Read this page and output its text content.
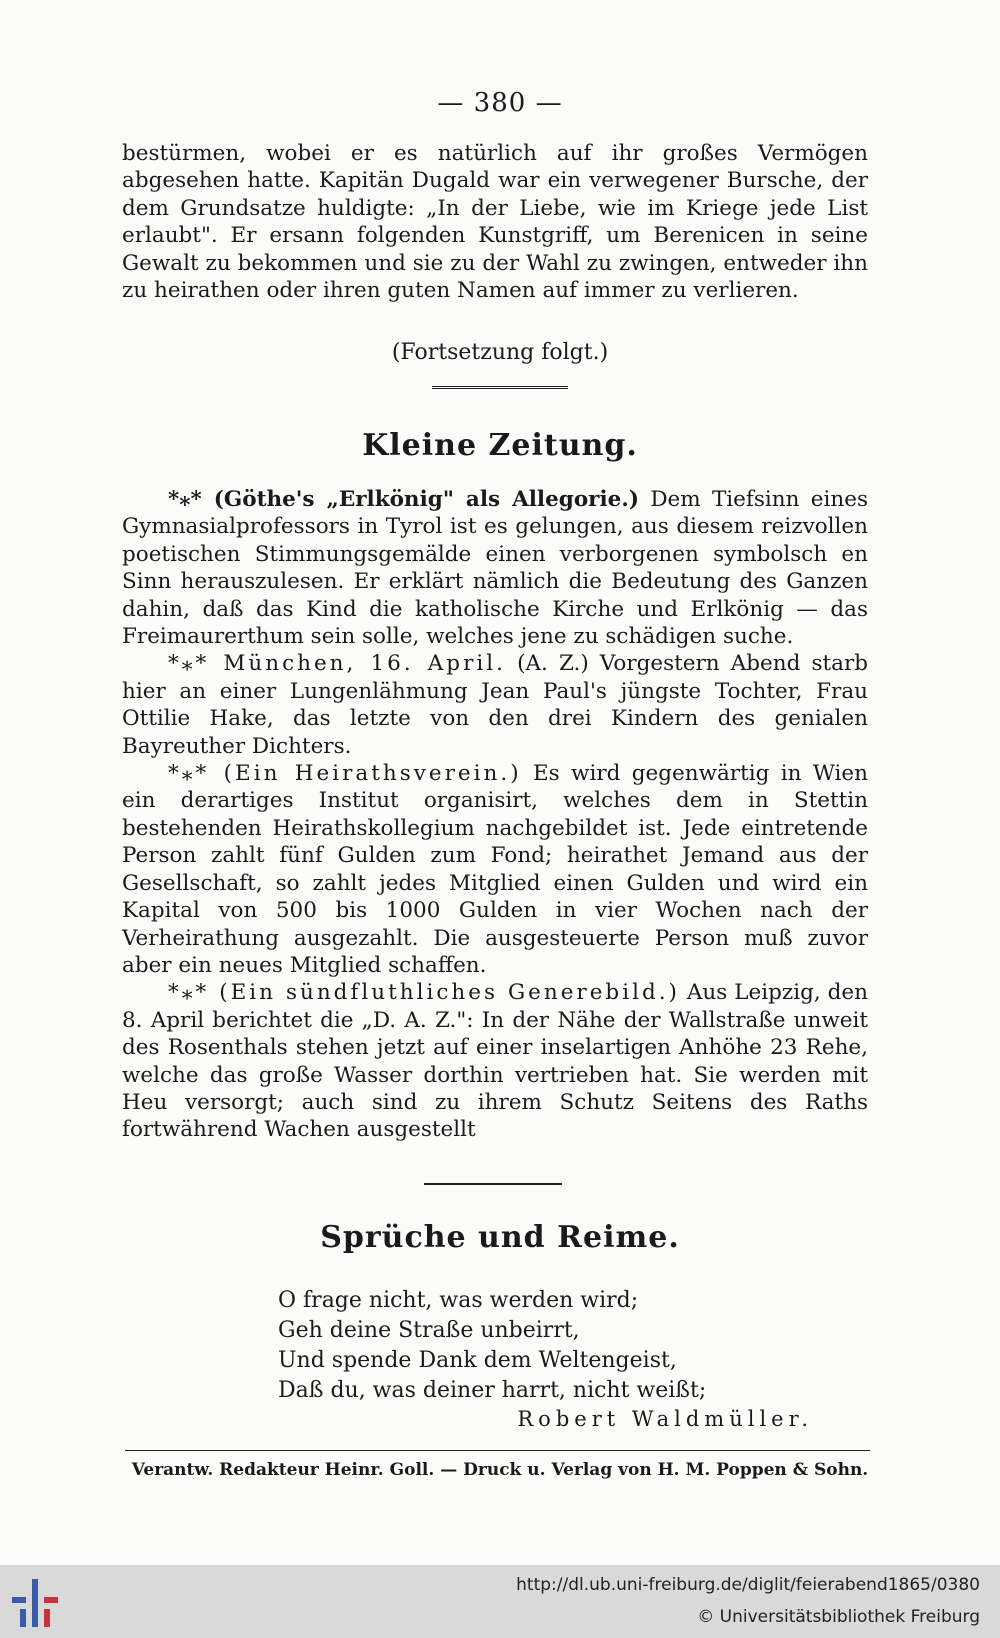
— 380 —

bestürmen, wobei er es natürlich auf ihr großes Vermögen abgesehen hatte. Kapitän Dugald war ein verwegener Bursche, der dem Grundsatze huldigte: „In der Liebe, wie im Kriege jede List erlaubt". Er ersann folgenden Kunstgriff, um Berenicen in seine Gewalt zu bekommen und sie zu der Wahl zu zwingen, entweder ihn zu heirathen oder ihren guten Namen auf immer zu verlieren.

(Fortsetzung folgt.)
Kleine Zeitung.

*⁎* (Göthe's „Erlkönig" als Allegorie.) Dem Tiefsinn eines Gymnasialprofessors in Tyrol ist es gelungen, aus diesem reizvollen poetischen Stimmungsgemälde einen verborgenen symbolsch en Sinn herauszulesen. Er erklärt nämlich die Bedeutung des Ganzen dahin, daß das Kind die katholische Kirche und Erlkönig — das Freimaurerthum sein solle, welches jene zu schädigen suche.

*⁎* München, 16. April. (A. Z.) Vorgestern Abend starb hier an einer Lungenlähmung Jean Paul's jüngste Tochter, Frau Ottilie Hake, das letzte von den drei Kindern des genialen Bayreuther Dichters.

*⁎* (Ein Heirathsverein.) Es wird gegenwärtig in Wien ein derartiges Institut organisirt, welches dem in Stettin bestehenden Heirathskollegium nachgebildet ist. Jede eintretende Person zahlt fünf Gulden zum Fond; heirathet Jemand aus der Gesellschaft, so zahlt jedes Mitglied einen Gulden und wird ein Kapital von 500 bis 1000 Gulden in vier Wochen nach der Verheirathung ausgezahlt. Die ausgesteuerte Person muß zuvor aber ein neues Mitglied schaffen.

*⁎* (Ein sündfluthliches Generebild.) Aus Leipzig, den 8. April berichtet die „D. A. Z.": In der Nähe der Wallstraße unweit des Rosenthals stehen jetzt auf einer inselartigen Anhöhe 23 Rehe, welche das große Wasser dorthin vertrieben hat. Sie werden mit Heu versorgt; auch sind zu ihrem Schutz Seitens des Raths fortwährend Wachen ausgestellt

Sprüche und Reime.
O frage nicht, was werden wird;
Geh deine Straße unbeirrt,
Und spende Dank dem Weltengeist,
Daß du, was deiner harrt, nicht weißt;
Robert Waldmüller.
Verantw. Redakteur Heinr. Goll. — Druck u. Verlag von H. M. Poppen & Sohn.
http://dl.ub.uni-freiburg.de/diglit/feierabend1865/0380
© Universitätsbibliothek Freiburg
